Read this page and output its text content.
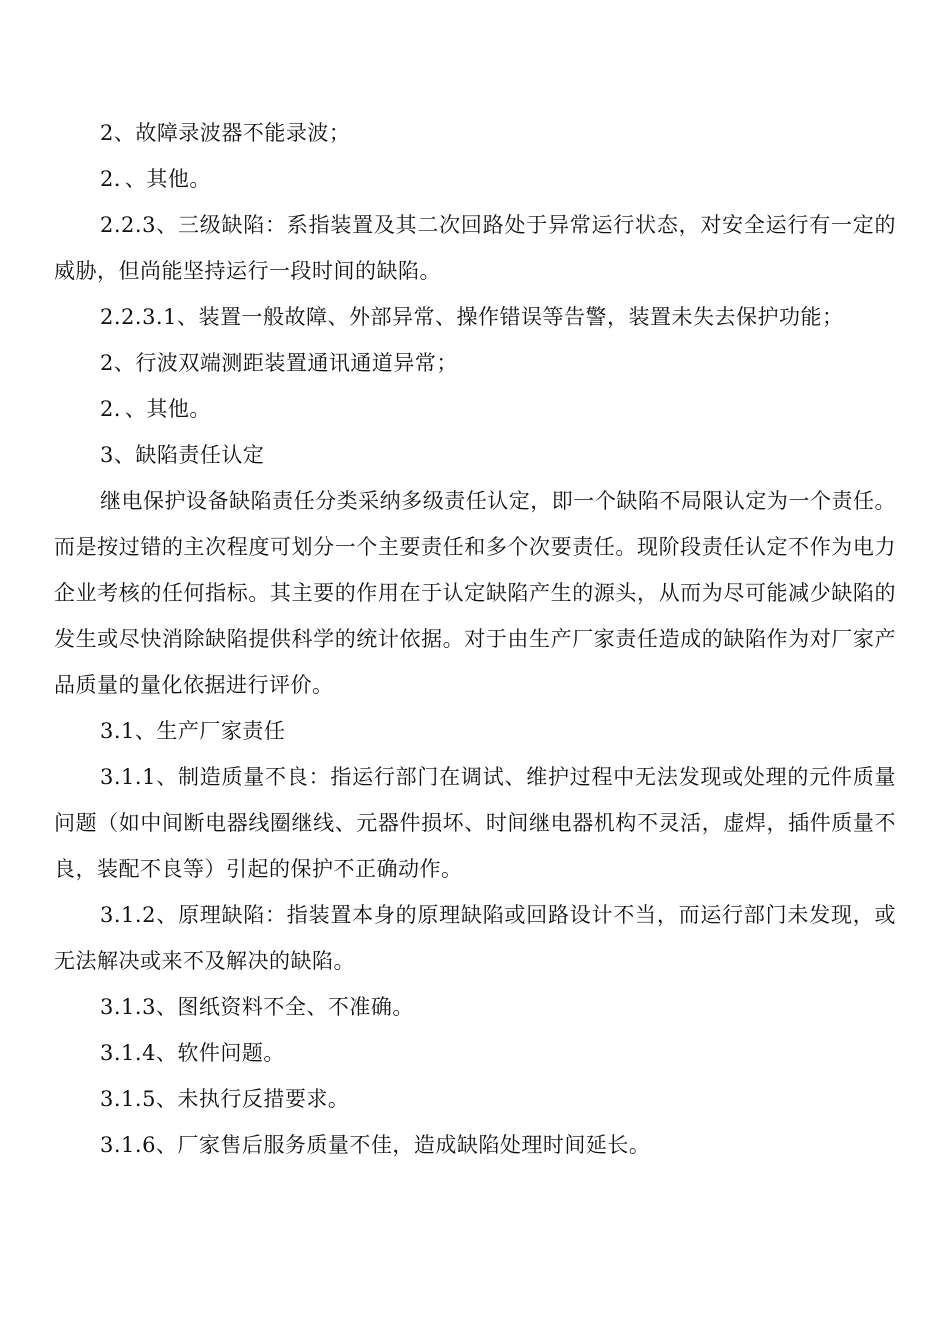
2、故障录波器不能录波；

2．、其他。

2.2.3、三级缺陷：系指装置及其二次回路处于异常运行状态，对安全运行有一定的威胁，但尚能坚持运行一段时间的缺陷。

2.2.3.1、装置一般故障、外部异常、操作错误等告警，装置未失去保护功能；

2、行波双端测距装置通讯通道异常；

2．、其他。

3、缺陷责任认定

继电保护设备缺陷责任分类采纳多级责任认定，即一个缺陷不局限认定为一个责任。而是按过错的主次程度可划分一个主要责任和多个次要责任。现阶段责任认定不作为电力企业考核的任何指标。其主要的作用在于认定缺陷产生的源头，从而为尽可能减少缺陷的发生或尽快消除缺陷提供科学的统计依据。对于由生产厂家责任造成的缺陷作为对厂家产品质量的量化依据进行评价。

3.1、生产厂家责任

3.1.1、制造质量不良：指运行部门在调试、维护过程中无法发现或处理的元件质量问题（如中间断电器线圈继线、元器件损坏、时间继电器机构不灵活，虚焊，插件质量不良，装配不良等）引起的保护不正确动作。

3.1.2、原理缺陷：指装置本身的原理缺陷或回路设计不当，而运行部门未发现，或无法解决或来不及解决的缺陷。

3.1.3、图纸资料不全、不准确。

3.1.4、软件问题。

3.1.5、未执行反措要求。

3.1.6、厂家售后服务质量不佳，造成缺陷处理时间延长。
